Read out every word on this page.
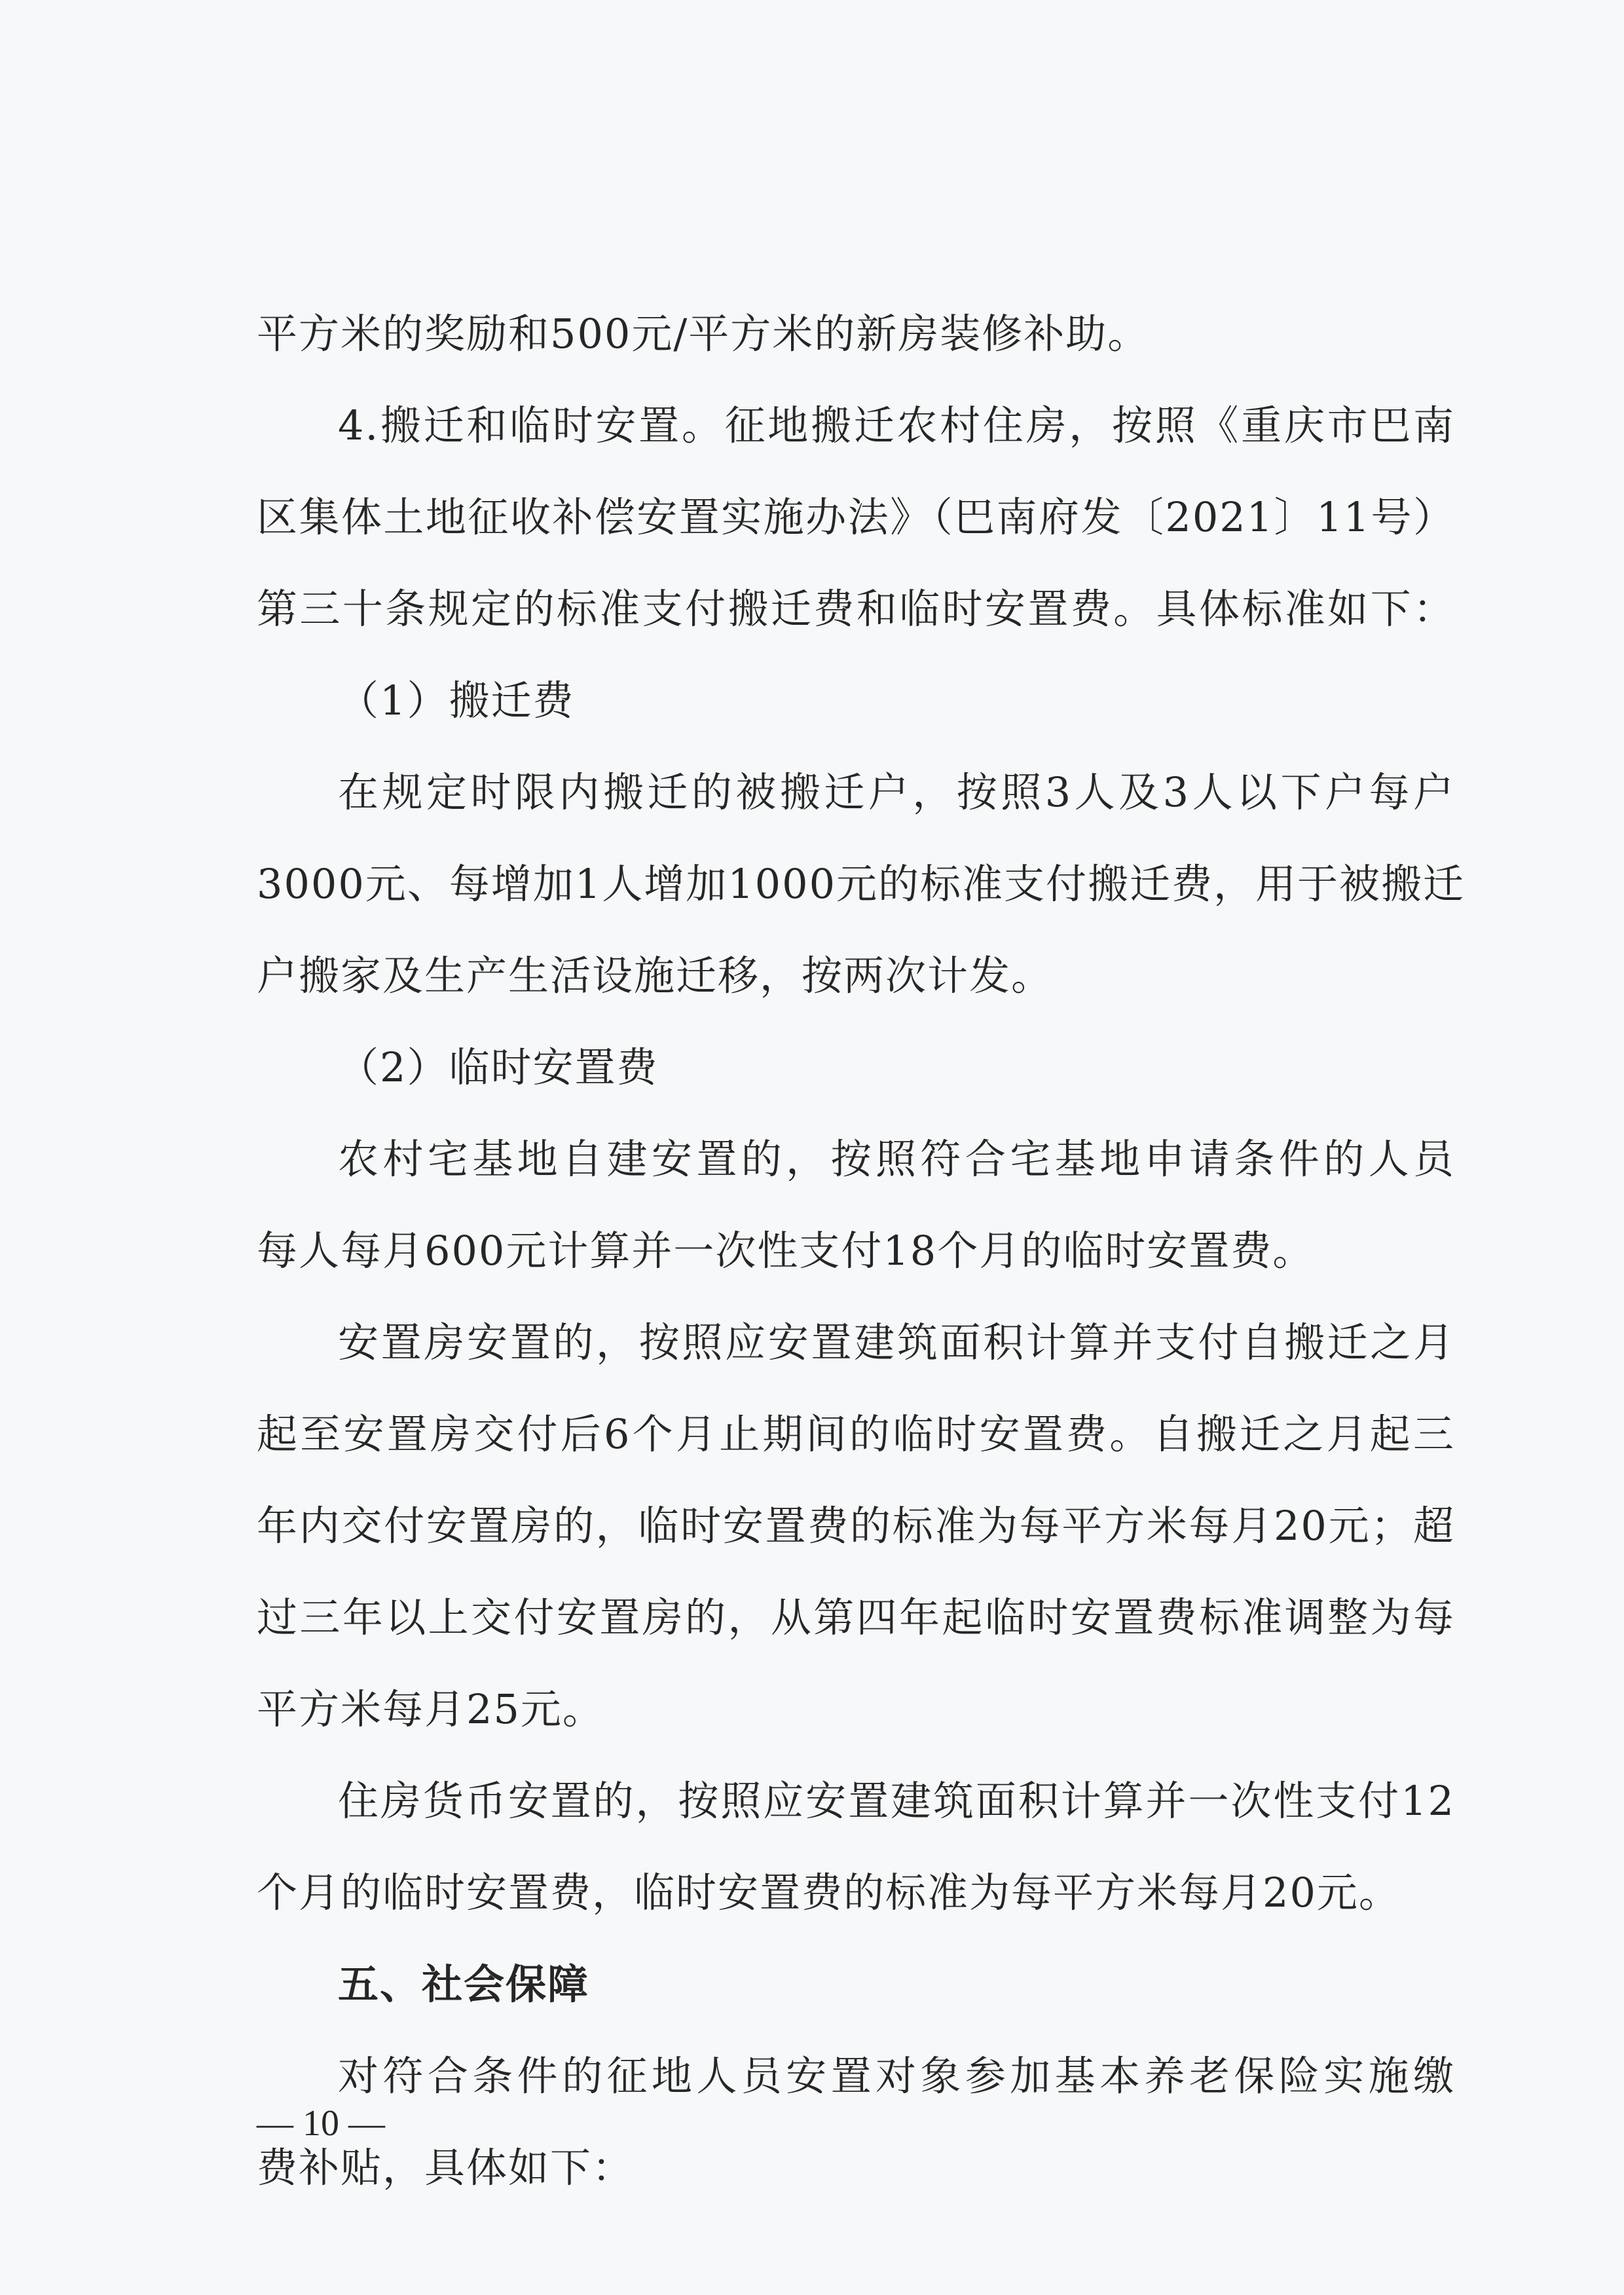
平方米的奖励和500元/平方米的新房装修补助。
4.搬迁和临时安置。征地搬迁农村住房，按照《重庆市巴南
区集体土地征收补偿安置实施办法》（巴南府发〔2021〕11号）
第三十条规定的标准支付搬迁费和临时安置费。具体标准如下：
（1）搬迁费
在规定时限内搬迁的被搬迁户，按照3人及3人以下户每户
3000元、每增加1人增加1000元的标准支付搬迁费，用于被搬迁
户搬家及生产生活设施迁移，按两次计发。
（2）临时安置费
农村宅基地自建安置的，按照符合宅基地申请条件的人员
每人每月600元计算并一次性支付18个月的临时安置费。
安置房安置的，按照应安置建筑面积计算并支付自搬迁之月
起至安置房交付后6个月止期间的临时安置费。自搬迁之月起三
年内交付安置房的，临时安置费的标准为每平方米每月20元；超
过三年以上交付安置房的，从第四年起临时安置费标准调整为每
平方米每月25元。
住房货币安置的，按照应安置建筑面积计算并一次性支付12
个月的临时安置费，临时安置费的标准为每平方米每月20元。
五、社会保障
对符合条件的征地人员安置对象参加基本养老保险实施缴
费补贴，具体如下：
— 10 —
